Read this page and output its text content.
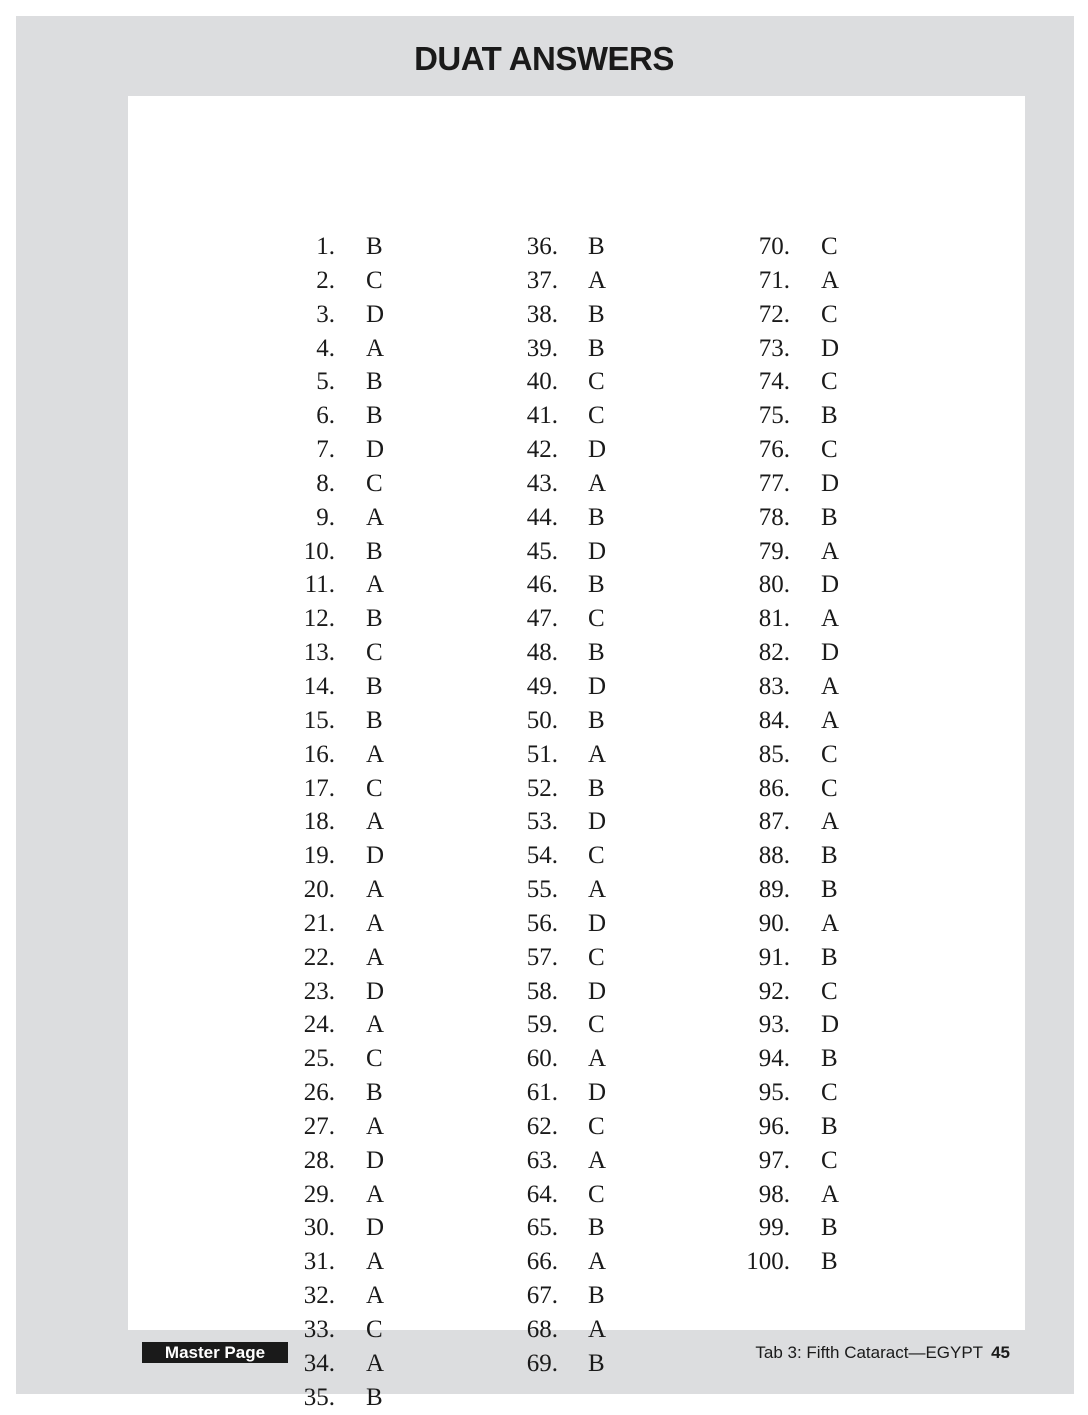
DUAT ANSWERS
1. B
2. C
3. D
4. A
5. B
6. B
7. D
8. C
9. A
10. B
11. A
12. B
13. C
14. B
15. B
16. A
17. C
18. A
19. D
20. A
21. A
22. A
23. D
24. A
25. C
26. B
27. A
28. D
29. A
30. D
31. A
32. A
33. C
34. A
35. B
36. B
37. A
38. B
39. B
40. C
41. C
42. D
43. A
44. B
45. D
46. B
47. C
48. B
49. D
50. B
51. A
52. B
53. D
54. C
55. A
56. D
57. C
58. D
59. C
60. A
61. D
62. C
63. A
64. C
65. B
66. A
67. B
68. A
69. B
70. C
71. A
72. C
73. D
74. C
75. B
76. C
77. D
78. B
79. A
80. D
81. A
82. D
83. A
84. A
85. C
86. C
87. A
88. B
89. B
90. A
91. B
92. C
93. D
94. B
95. C
96. B
97. C
98. A
99. B
100. B
Master Page	Tab 3: Fifth Cataract—EGYPT 45
